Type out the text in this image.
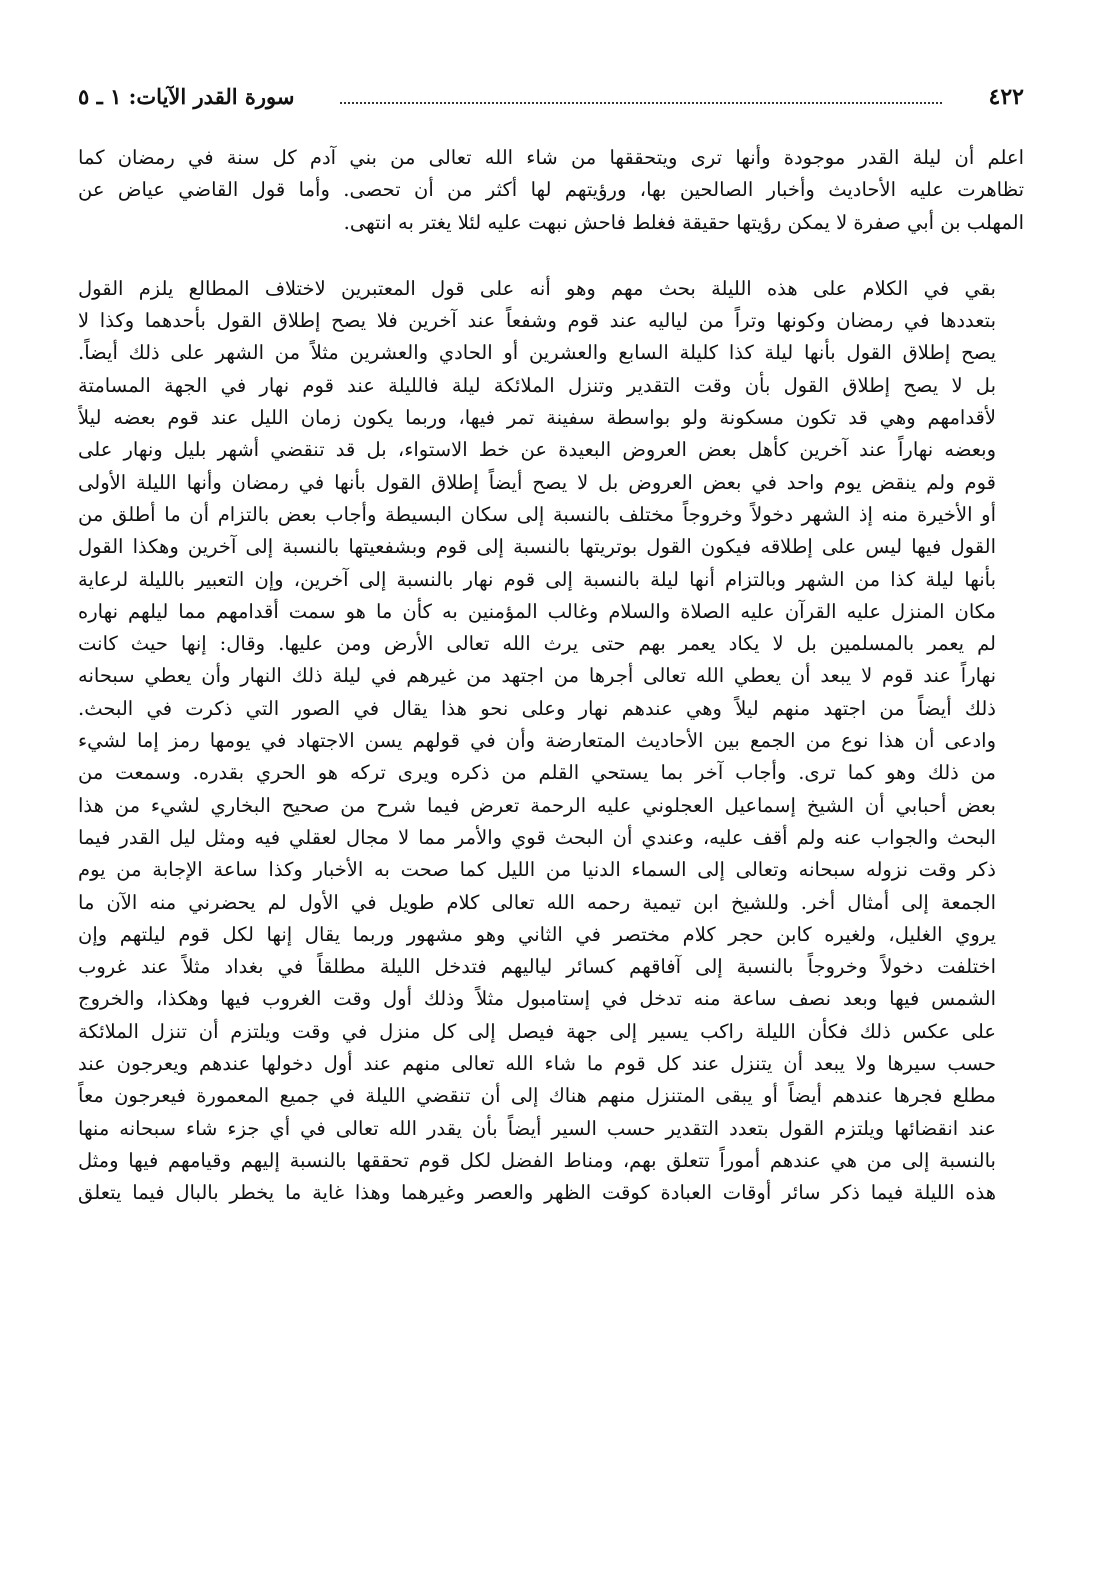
٤٢٢
سورة القدر الآيات: ١ ـ ٥
اعلم أن ليلة القدر موجودة وأنها ترى ويتحققها من شاء الله تعالى من بني آدم كل سنة في رمضان كما
تظاهرت عليه الأحاديث وأخبار الصالحين بها، ورؤيتهم لها أكثر من أن تحصى. وأما قول القاضي عياض عن
المهلب بن أبي صفرة لا يمكن رؤيتها حقيقة فغلط فاحش نبهت عليه لئلا يغتر به انتهى.
بقي في الكلام على هذه الليلة بحث مهم وهو أنه على قول المعتبرين لاختلاف المطالع يلزم القول
بتعددها في رمضان وكونها وتراً من لياليه عند قوم وشفعاً عند آخرين فلا يصح إطلاق القول بأحدهما وكذا لا
يصح إطلاق القول بأنها ليلة كذا كليلة السابع والعشرين أو الحادي والعشرين مثلاً من الشهر على ذلك أيضاً.
بل لا يصح إطلاق القول بأن وقت التقدير وتنزل الملائكة ليلة فالليلة عند قوم نهار في الجهة المسامتة
لأقدامهم وهي قد تكون مسكونة ولو بواسطة سفينة تمر فيها، وربما يكون زمان الليل عند قوم بعضه ليلاً
وبعضه نهاراً عند آخرين كأهل بعض العروض البعيدة عن خط الاستواء، بل قد تنقضي أشهر بليل ونهار على
قوم ولم ينقض يوم واحد في بعض العروض بل لا يصح أيضاً إطلاق القول بأنها في رمضان وأنها الليلة الأولى
أو الأخيرة منه إذ الشهر دخولاً وخروجاً مختلف بالنسبة إلى سكان البسيطة وأجاب بعض بالتزام أن ما أطلق من
القول فيها ليس على إطلاقه فيكون القول بوتريتها بالنسبة إلى قوم وبشفعيتها بالنسبة إلى آخرين وهكذا القول
بأنها ليلة كذا من الشهر وبالتزام أنها ليلة بالنسبة إلى قوم نهار بالنسبة إلى آخرين، وإن التعبير بالليلة لرعاية
مكان المنزل عليه القرآن عليه الصلاة والسلام وغالب المؤمنين به كأن ما هو سمت أقدامهم مما ليلهم نهاره
لم يعمر بالمسلمين بل لا يكاد يعمر بهم حتى يرث الله تعالى الأرض ومن عليها. وقال: إنها حيث كانت
نهاراً عند قوم لا يبعد أن يعطي الله تعالى أجرها من اجتهد من غيرهم في ليلة ذلك النهار وأن يعطي سبحانه
ذلك أيضاً من اجتهد منهم ليلاً وهي عندهم نهار وعلى نحو هذا يقال في الصور التي ذكرت في البحث.
وادعى أن هذا نوع من الجمع بين الأحاديث المتعارضة وأن في قولهم يسن الاجتهاد في يومها رمز إما لشيء
من ذلك وهو كما ترى. وأجاب آخر بما يستحي القلم من ذكره ويرى تركه هو الحري بقدره. وسمعت من
بعض أحبابي أن الشيخ إسماعيل العجلوني عليه الرحمة تعرض فيما شرح من صحيح البخاري لشيء من هذا
البحث والجواب عنه ولم أقف عليه، وعندي أن البحث قوي والأمر مما لا مجال لعقلي فيه ومثل ليل القدر فيما
ذكر وقت نزوله سبحانه وتعالى إلى السماء الدنيا من الليل كما صحت به الأخبار وكذا ساعة الإجابة من يوم
الجمعة إلى أمثال أخر. وللشيخ ابن تيمية رحمه الله تعالى كلام طويل في الأول لم يحضرني منه الآن ما
يروي الغليل، ولغيره كابن حجر كلام مختصر في الثاني وهو مشهور وربما يقال إنها لكل قوم ليلتهم وإن
اختلفت دخولاً وخروجاً بالنسبة إلى آفاقهم كسائر لياليهم فتدخل الليلة مطلقاً في بغداد مثلاً عند غروب
الشمس فيها وبعد نصف ساعة منه تدخل في إستامبول مثلاً وذلك أول وقت الغروب فيها وهكذا، والخروج
على عكس ذلك فكأن الليلة راكب يسير إلى جهة فيصل إلى كل منزل في وقت ويلتزم أن تنزل الملائكة
حسب سيرها ولا يبعد أن يتنزل عند كل قوم ما شاء الله تعالى منهم عند أول دخولها عندهم ويعرجون عند
مطلع فجرها عندهم أيضاً أو يبقى المتنزل منهم هناك إلى أن تنقضي الليلة في جميع المعمورة فيعرجون معاً
عند انقضائها ويلتزم القول بتعدد التقدير حسب السير أيضاً بأن يقدر الله تعالى في أي جزء شاء سبحانه منها
بالنسبة إلى من هي عندهم أموراً تتعلق بهم، ومناط الفضل لكل قوم تحققها بالنسبة إليهم وقيامهم فيها ومثل
هذه الليلة فيما ذكر سائر أوقات العبادة كوقت الظهر والعصر وغيرهما وهذا غاية ما يخطر بالبال فيما يتعلق
